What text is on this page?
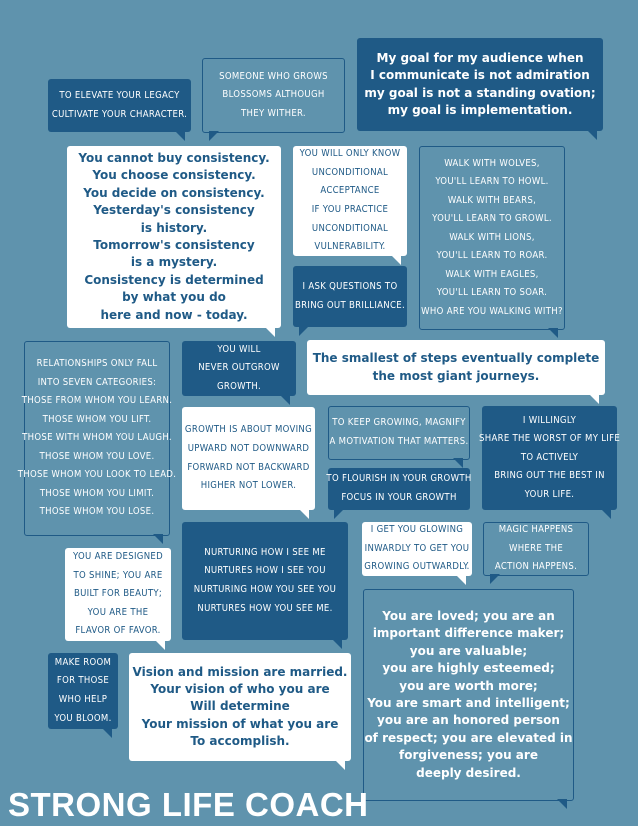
TO ELEVATE YOUR LEGACY
CULTIVATE YOUR CHARACTER.
SOMEONE WHO GROWS
BLOSSOMS ALTHOUGH
THEY WITHER.
My goal for my audience when
I communicate is not admiration
my goal is not a standing ovation;
my goal is implementation.
You cannot buy consistency.
You choose consistency.
You decide on consistency.
Yesterday's consistency
is history.
Tomorrow's consistency
is a mystery.
Consistency is determined
by what you do
here and now - today.
YOU WILL ONLY KNOW
UNCONDITIONAL
ACCEPTANCE
IF YOU PRACTICE
UNCONDITIONAL
VULNERABILITY.
WALK WITH WOLVES,
YOU'LL LEARN TO HOWL.
WALK WITH BEARS,
YOU'LL LEARN TO GROWL.
WALK WITH LIONS,
YOU'LL LEARN TO ROAR.
WALK WITH EAGLES,
YOU'LL LEARN TO SOAR.
WHO ARE YOU WALKING WITH?
I ASK QUESTIONS TO
BRING OUT BRILLIANCE.
RELATIONSHIPS ONLY FALL
INTO SEVEN CATEGORIES:
THOSE FROM WHOM YOU LEARN.
THOSE WHOM YOU LIFT.
THOSE WITH WHOM YOU LAUGH.
THOSE WHOM YOU LOVE.
THOSE WHOM YOU LOOK TO LEAD.
THOSE WHOM YOU LIMIT.
THOSE WHOM YOU LOSE.
YOU WILL
NEVER OUTGROW
GROWTH.
The smallest of steps eventually complete
the most giant journeys.
GROWTH IS ABOUT MOVING
UPWARD NOT DOWNWARD
FORWARD NOT BACKWARD
HIGHER NOT LOWER.
TO KEEP GROWING, MAGNIFY
A MOTIVATION THAT MATTERS.
I WILLINGLY
SHARE THE WORST OF MY LIFE
TO ACTIVELY
BRING OUT THE BEST IN
YOUR LIFE.
TO FLOURISH IN YOUR GROWTH
FOCUS IN YOUR GROWTH
YOU ARE DESIGNED
TO SHINE; YOU ARE
BUILT FOR BEAUTY;
YOU ARE THE
FLAVOR OF FAVOR.
NURTURING HOW I SEE ME
NURTURES HOW I SEE YOU
NURTURING HOW YOU SEE YOU
NURTURES HOW YOU SEE ME.
I GET YOU GLOWING
INWARDLY TO GET YOU
GROWING OUTWARDLY.
MAGIC HAPPENS
WHERE THE
ACTION HAPPENS.
MAKE ROOM
FOR THOSE
WHO HELP
YOU BLOOM.
Vision and mission are married.
Your vision of who you are
Will determine
Your mission of what you are
To accomplish.
You are loved; you are an
important difference maker;
you are valuable;
you are highly esteemed;
you are worth more;
You are smart and intelligent;
you are an honored person
of respect; you are elevated in
forgiveness; you are
deeply desired.
STRONG LIFE COACH
